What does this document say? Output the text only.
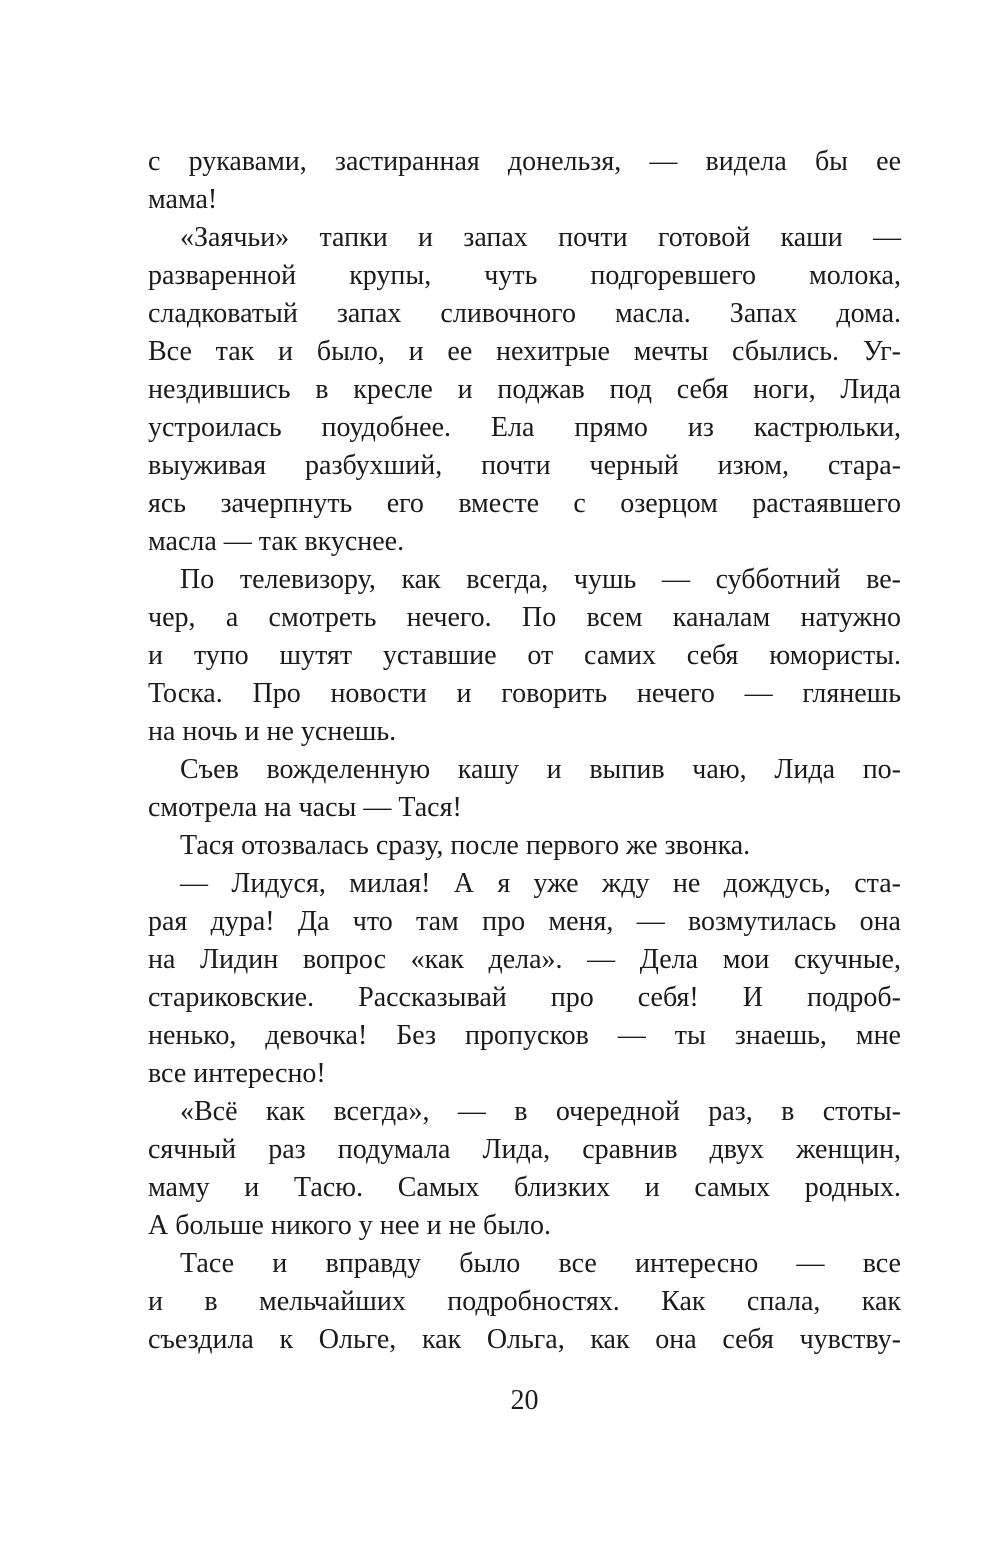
с рукавами, застиранная донельзя, — видела бы ее
мама!
«Заячьи» тапки и запах почти готовой каши —
разваренной крупы, чуть подгоревшего молока,
сладковатый запах сливочного масла. Запах дома.
Все так и было, и ее нехитрые мечты сбылись. Уг-
нездившись в кресле и поджав под себя ноги, Лида
устроилась поудобнее. Ела прямо из кастрюльки,
выуживая разбухший, почти черный изюм, стара-
ясь зачерпнуть его вместе с озерцом растаявшего
масла — так вкуснее.
По телевизору, как всегда, чушь — субботний ве-
чер, а смотреть нечего. По всем каналам натужно
и тупо шутят уставшие от самих себя юмористы.
Тоска. Про новости и говорить нечего — глянешь
на ночь и не уснешь.
Съев вожделенную кашу и выпив чаю, Лида по-
смотрела на часы — Тася!
Тася отозвалась сразу, после первого же звонка.
— Лидуся, милая! А я уже жду не дождусь, ста-
рая дура! Да что там про меня, — возмутилась она
на Лидин вопрос «как дела». — Дела мои скучные,
стариковские. Рассказывай про себя! И подроб-
ненько, девочка! Без пропусков — ты знаешь, мне
все интересно!
«Всё как всегда», — в очередной раз, в стоты-
сячный раз подумала Лида, сравнив двух женщин,
маму и Тасю. Самых близких и самых родных.
А больше никого у нее и не было.
Тасе и вправду было все интересно — все
и в мельчайших подробностях. Как спала, как
съездила к Ольге, как Ольга, как она себя чувству-
20
